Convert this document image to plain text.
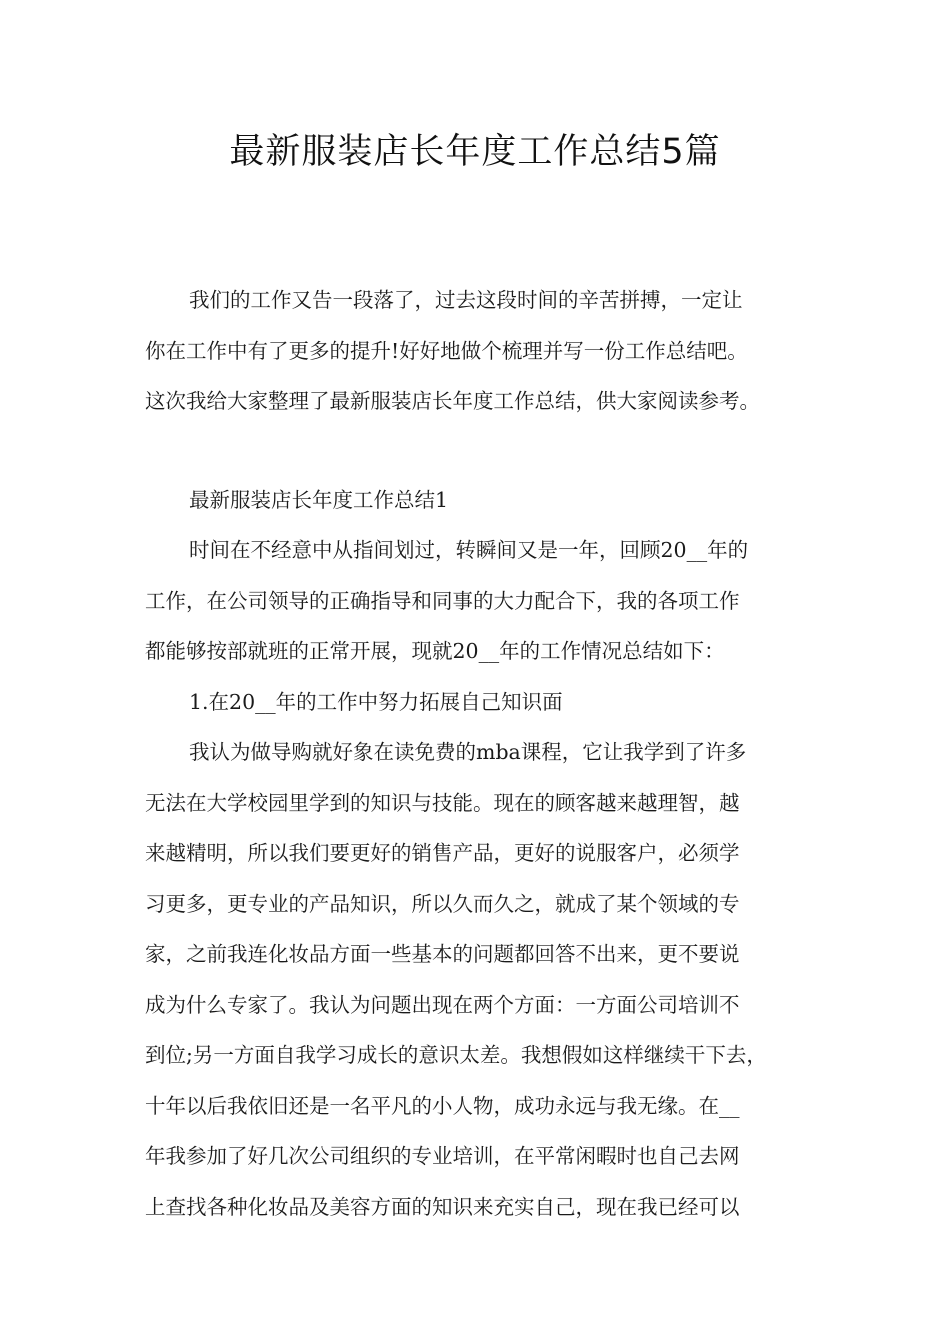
最新服装店长年度工作总结5篇
我们的工作又告一段落了，过去这段时间的辛苦拼搏，一定让
你在工作中有了更多的提升!好好地做个梳理并写一份工作总结吧。
这次我给大家整理了最新服装店长年度工作总结，供大家阅读参考。
最新服装店长年度工作总结1
时间在不经意中从指间划过，转瞬间又是一年，回顾20__年的
工作，在公司领导的正确指导和同事的大力配合下，我的各项工作
都能够按部就班的正常开展，现就20__年的工作情况总结如下：
1.在20__年的工作中努力拓展自己知识面
我认为做导购就好象在读免费的mba课程，它让我学到了许多
无法在大学校园里学到的知识与技能。现在的顾客越来越理智，越
来越精明，所以我们要更好的销售产品，更好的说服客户，必须学
习更多，更专业的产品知识，所以久而久之，就成了某个领域的专
家，之前我连化妆品方面一些基本的问题都回答不出来，更不要说
成为什么专家了。我认为问题出现在两个方面：一方面公司培训不
到位;另一方面自我学习成长的意识太差。我想假如这样继续干下去，
十年以后我依旧还是一名平凡的小人物，成功永远与我无缘。在__
年我参加了好几次公司组织的专业培训，在平常闲暇时也自己去网
上查找各种化妆品及美容方面的知识来充实自己，现在我已经可以
